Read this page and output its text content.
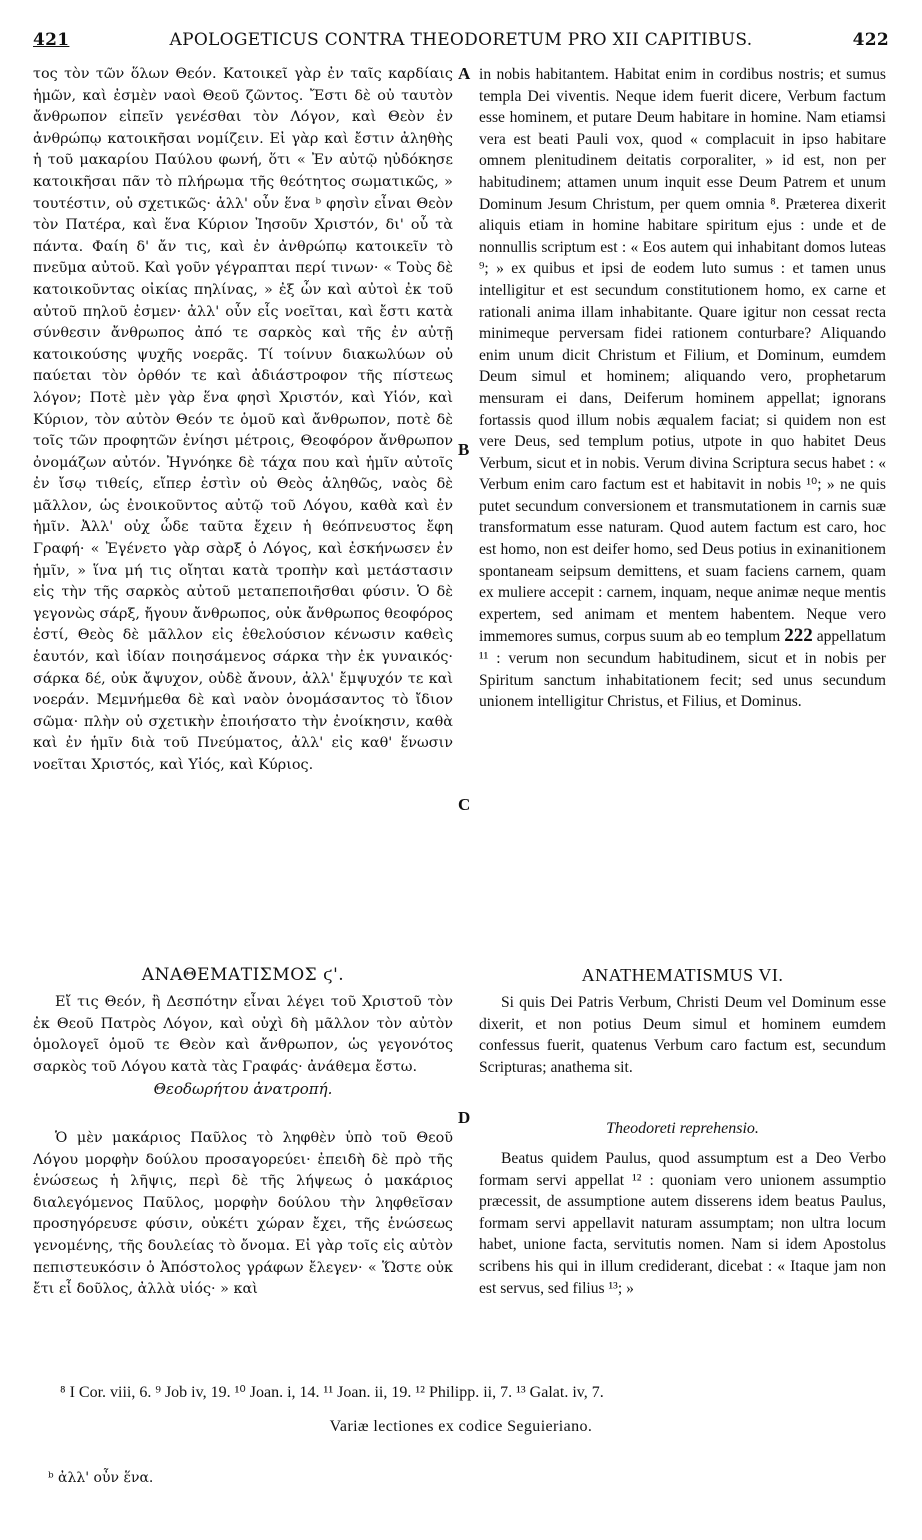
421	APOLOGETICUS CONTRA THEODORETUM PRO XII CAPITIBUS.	422

τος τὸν τῶν ὅλων Θεόν. Κατοικεῖ γὰρ ἐν ταῖς καρδίαις ἡμῶν, καὶ ἐσμὲν ναοὶ Θεοῦ ζῶντος. Ἔστι δὲ οὐ ταυτὸν ἄνθρωπον εἰπεῖν γενέσθαι τὸν Λόγον, καὶ Θεὸν ἐν ἀνθρώπῳ κατοικῆσαι νομίζειν. Εἰ γὰρ καὶ ἔστιν ἀληθὴς ἡ τοῦ μακαρίου Παύλου φωνή, ὅτι « Ἐν αὐτῷ ηὐδόκησε κατοικῆσαι πᾶν τὸ πλήρωμα τῆς θεότητος σωματικῶς, » τουτέστιν, οὐ σχετικῶς· ἀλλ' οὖν ἕνα ᵇ φησὶν εἶναι Θεὸν τὸν Πατέρα, καὶ ἕνα Κύριον Ἰησοῦν Χριστόν, δι' οὗ τὰ πάντα. Φαίη δ' ἄν τις, καὶ ἐν ἀνθρώπῳ κατοικεῖν τὸ πνεῦμα αὐτοῦ. Καὶ γοῦν γέγραπται περί τινων· « Τοὺς δὲ κατοικοῦντας οἰκίας πηλίνας, » ἐξ ὧν καὶ αὐτοὶ ἐκ τοῦ αὐτοῦ πηλοῦ ἐσμεν· ἀλλ' οὖν εἷς νοεῖται, καὶ ἔστι κατὰ σύνθεσιν ἄνθρωπος ἀπό τε σαρκὸς καὶ τῆς ἐν αὐτῇ κατοικούσης ψυχῆς νοερᾶς. Τί τοίνυν διακωλύων οὐ παύεται τὸν ὀρθόν τε καὶ ἀδιάστροφον τῆς πίστεως λόγον; Ποτὲ μὲν γὰρ ἕνα φησὶ Χριστόν, καὶ Υἱόν, καὶ Κύριον, τὸν αὐτὸν Θεόν τε ὁμοῦ καὶ ἄνθρωπον, ποτὲ δὲ τοῖς τῶν προφητῶν ἐνίησι μέτροις, Θεοφόρον ἄνθρωπον ὀνομάζων αὐτόν. Ἠγνόηκε δὲ τάχα που καὶ ἡμῖν αὐτοῖς ἐν ἴσῳ τιθείς, εἴπερ ἐστὶν οὐ Θεὸς ἀληθῶς, ναὸς δὲ μᾶλλον, ὡς ἐνοικοῦντος αὐτῷ τοῦ Λόγου, καθὰ καὶ ἐν ἡμῖν. Ἀλλ' οὐχ ὧδε ταῦτα ἔχειν ἡ θεόπνευστος ἔφη Γραφή· « Ἐγένετο γὰρ σὰρξ ὁ Λόγος, καὶ ἐσκήνωσεν ἐν ἡμῖν, » ἵνα μή τις οἴηται κατὰ τροπὴν καὶ μετάστασιν εἰς τὴν τῆς σαρκὸς αὐτοῦ μεταπεποιῆσθαι φύσιν. Ὁ δὲ γεγονὼς σάρξ, ἤγουν ἄνθρωπος, οὐκ ἄνθρωπος θεοφόρος ἐστί, Θεὸς δὲ μᾶλλον εἰς ἐθελούσιον κένωσιν καθεὶς ἑαυτόν, καὶ ἰδίαν ποιησάμενος σάρκα τὴν ἐκ γυναικός· σάρκα δέ, οὐκ ἄψυχον, οὐδὲ ἄνουν, ἀλλ' ἔμψυχόν τε καὶ νοεράν. Μεμνήμεθα δὲ καὶ ναὸν ὀνομάσαντος τὸ ἴδιον σῶμα· πλὴν οὐ σχετικὴν ἐποιήσατο τὴν ἐνοίκησιν, καθὰ καὶ ἐν ἡμῖν διὰ τοῦ Πνεύματος, ἀλλ' εἰς καθ' ἕνωσιν νοεῖται Χριστός, καὶ Υἱός, καὶ Κύριος.

in nobis habitantem. Habitat enim in cordibus nostris; et sumus templa Dei viventis. Neque idem fuerit dicere, Verbum factum esse hominem, et putare Deum habitare in homine. Nam etiamsi vera est beati Pauli vox, quod « complacuit in ipso habitare omnem plenitudinem deitatis corporaliter, » id est, non per habitudinem; attamen unum inquit esse Deum Patrem et unum Dominum Jesum Christum, per quem omnia ⁸. Præterea dixerit aliquis etiam in homine habitare spiritum ejus : unde et de nonnullis scriptum est : « Eos autem qui inhabitant domos luteas ⁹; » ex quibus et ipsi de eodem luto sumus : et tamen unus intelligitur et est secundum constitutionem homo, ex carne et rationali anima illam inhabitante. Quare igitur non cessat recta minimeque perversam fidei rationem conturbare? Aliquando enim unum dicit Christum et Filium, et Dominum, eumdem Deum simul et hominem; aliquando vero, prophetarum mensuram ei dans, Deiferum hominem appellat; ignorans fortassis quod illum nobis æqualem faciat; si quidem non est vere Deus, sed templum potius, utpote in quo habitet Deus Verbum, sicut et in nobis. Verum divina Scriptura secus habet : « Verbum enim caro factum est et habitavit in nobis ¹⁰; » ne quis putet secundum conversionem et transmutationem in carnis suæ transformatum esse naturam. Quod autem factum est caro, hoc est homo, non est deifer homo, sed Deus potius in exinanitionem spontaneam seipsum demittens, et suam faciens carnem, quam ex muliere accepit : carnem, inquam, neque animæ neque mentis expertem, sed animam et mentem habentem. Neque vero immemores sumus, corpus suum ab eo templum 222 appellatum ¹¹ : verum non secundum habitudinem, sicut et in nobis per Spiritum sanctum inhabitationem fecit; sed unus secundum unionem intelligitur Christus, et Filius, et Dominus.

A
B
C
D
ΑΝΑΘΕΜΑΤΙΣΜΟΣ ϛ'.
Εἴ τις Θεόν, ἢ Δεσπότην εἶναι λέγει τοῦ Χριστοῦ τὸν ἐκ Θεοῦ Πατρὸς Λόγον, καὶ οὐχὶ δὴ μᾶλλον τὸν αὐτὸν ὁμολογεῖ ὁμοῦ τε Θεὸν καὶ ἄνθρωπον, ὡς γεγονότος σαρκὸς τοῦ Λόγου κατὰ τὰς Γραφάς· ἀνάθεμα ἔστω.
Θεοδωρήτου ἀνατροπή.
Ὁ μὲν μακάριος Παῦλος τὸ ληφθὲν ὑπὸ τοῦ Θεοῦ Λόγου μορφὴν δούλου προσαγορεύει· ἐπειδὴ δὲ πρὸ τῆς ἑνώσεως ἡ λῆψις, περὶ δὲ τῆς λήψεως ὁ μακάριος διαλεγόμενος Παῦλος, μορφὴν δούλου τὴν ληφθεῖσαν προσηγόρευσε φύσιν, οὐκέτι χώραν ἔχει, τῆς ἑνώσεως γενομένης, τῆς δουλείας τὸ ὄνομα. Εἰ γὰρ τοῖς εἰς αὐτὸν πεπιστευκόσιν ὁ Ἀπόστολος γράφων ἔλεγεν· « Ὥστε οὐκ ἔτι εἶ δοῦλος, ἀλλὰ υἱός· » καὶ
ANATHEMATISMUS VI.
Si quis Dei Patris Verbum, Christi Deum vel Dominum esse dixerit, et non potius Deum simul et hominem eumdem confessus fuerit, quatenus Verbum caro factum est, secundum Scripturas; anathema sit.
Theodoreti reprehensio.
Beatus quidem Paulus, quod assumptum est a Deo Verbo formam servi appellat ¹² : quoniam vero unionem assumptio præcessit, de assumptione autem disserens idem beatus Paulus, formam servi appellavit naturam assumptam; non ultra locum habet, unione facta, servitutis nomen. Nam si idem Apostolus scribens his qui in illum crediderant, dicebat : « Itaque jam non est servus, sed filius ¹³; »
⁸ I Cor. viii, 6. ⁹ Job iv, 19. ¹⁰ Joan. i, 14. ¹¹ Joan. ii, 19. ¹² Philipp. ii, 7. ¹³ Galat. iv, 7.
Variæ lectiones ex codice Seguieriano.
ᵇ ἀλλ' οὖν ἕνα.
